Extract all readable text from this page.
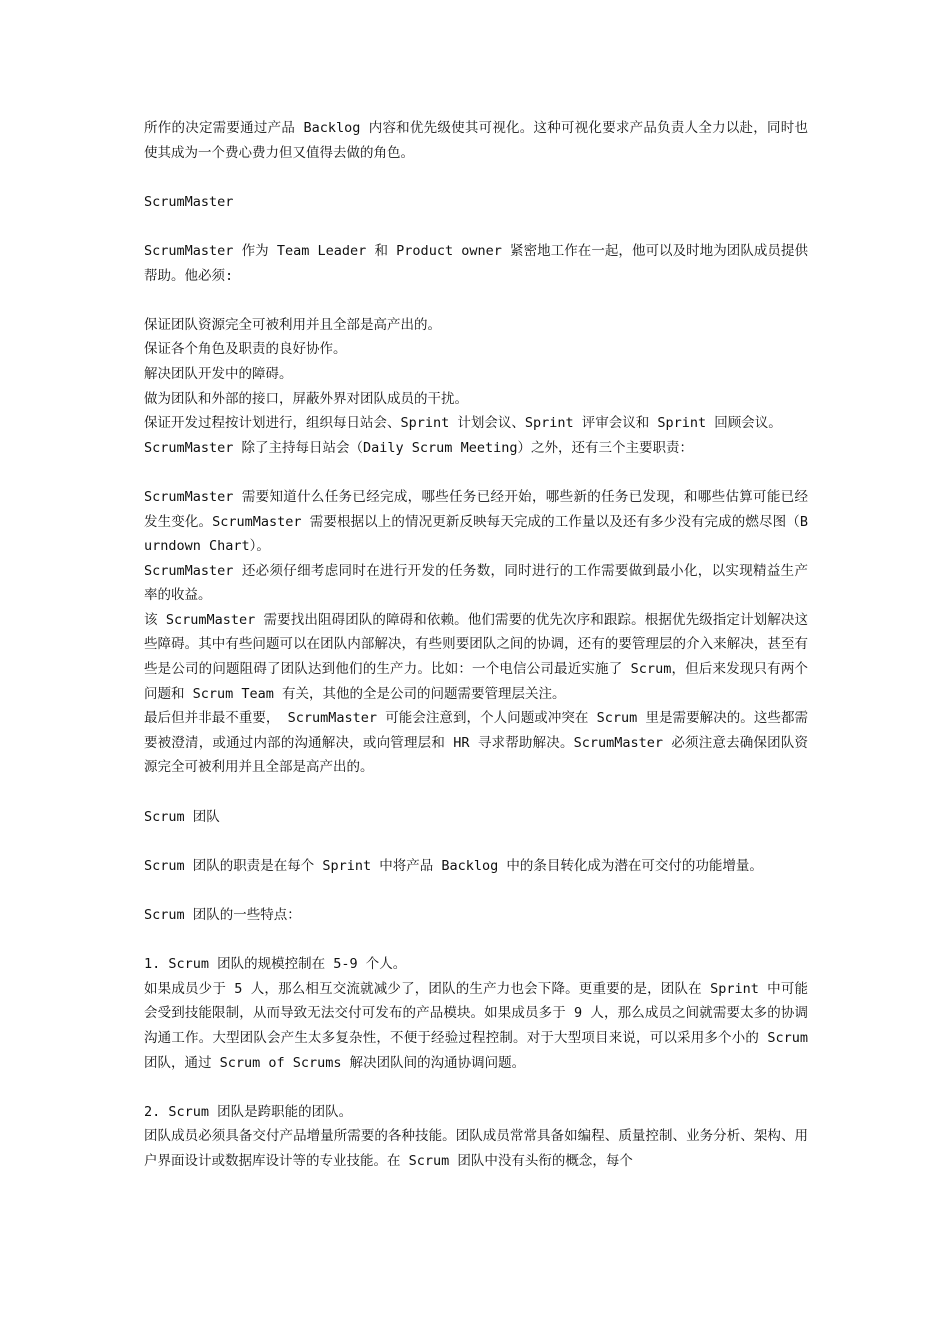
所作的决定需要通过产品 Backlog 内容和优先级使其可视化。这种可视化要求产品负责人全力以赴，同时也使其成为一个费心费力但又值得去做的角色。
ScrumMaster
ScrumMaster 作为 Team Leader 和 Product owner 紧密地工作在一起，他可以及时地为团队成员提供帮助。他必须:
保证团队资源完全可被利用并且全部是高产出的。
保证各个角色及职责的良好协作。
解决团队开发中的障碍。
做为团队和外部的接口，屏蔽外界对团队成员的干扰。
保证开发过程按计划进行，组织每日站会、Sprint 计划会议、Sprint 评审会议和 Sprint 回顾会议。
ScrumMaster 除了主持每日站会（Daily Scrum Meeting）之外，还有三个主要职责：
ScrumMaster 需要知道什么任务已经完成，哪些任务已经开始，哪些新的任务已发现，和哪些估算可能已经发生变化。ScrumMaster 需要根据以上的情况更新反映每天完成的工作量以及还有多少没有完成的燃尽图（Burndown Chart）。
ScrumMaster 还必须仔细考虑同时在进行开发的任务数，同时进行的工作需要做到最小化，以实现精益生产率的收益。
该 ScrumMaster 需要找出阻碍团队的障碍和依赖。他们需要的优先次序和跟踪。根据优先级指定计划解决这些障碍。其中有些问题可以在团队内部解决，有些则要团队之间的协调，还有的要管理层的介入来解决，甚至有些是公司的问题阻碍了团队达到他们的生产力。比如：一个电信公司最近实施了 Scrum，但后来发现只有两个问题和 Scrum Team 有关，其他的全是公司的问题需要管理层关注。
最后但并非最不重要， ScrumMaster 可能会注意到，个人问题或冲突在 Scrum 里是需要解决的。这些都需要被澄清，或通过内部的沟通解决，或向管理层和 HR 寻求帮助解决。ScrumMaster 必须注意去确保团队资源完全可被利用并且全部是高产出的。
Scrum 团队
Scrum 团队的职责是在每个 Sprint 中将产品 Backlog 中的条目转化成为潜在可交付的功能增量。
Scrum 团队的一些特点：
1. Scrum 团队的规模控制在 5-9 个人。
如果成员少于 5 人，那么相互交流就减少了，团队的生产力也会下降。更重要的是，团队在 Sprint 中可能会受到技能限制，从而导致无法交付可发布的产品模块。如果成员多于 9 人，那么成员之间就需要太多的协调沟通工作。大型团队会产生太多复杂性，不便于经验过程控制。对于大型项目来说，可以采用多个小的 Scrum 团队，通过 Scrum of Scrums 解决团队间的沟通协调问题。
2. Scrum 团队是跨职能的团队。
团队成员必须具备交付产品增量所需要的各种技能。团队成员常常具备如编程、质量控制、业务分析、架构、用户界面设计或数据库设计等的专业技能。在 Scrum 团队中没有头衔的概念，每个
